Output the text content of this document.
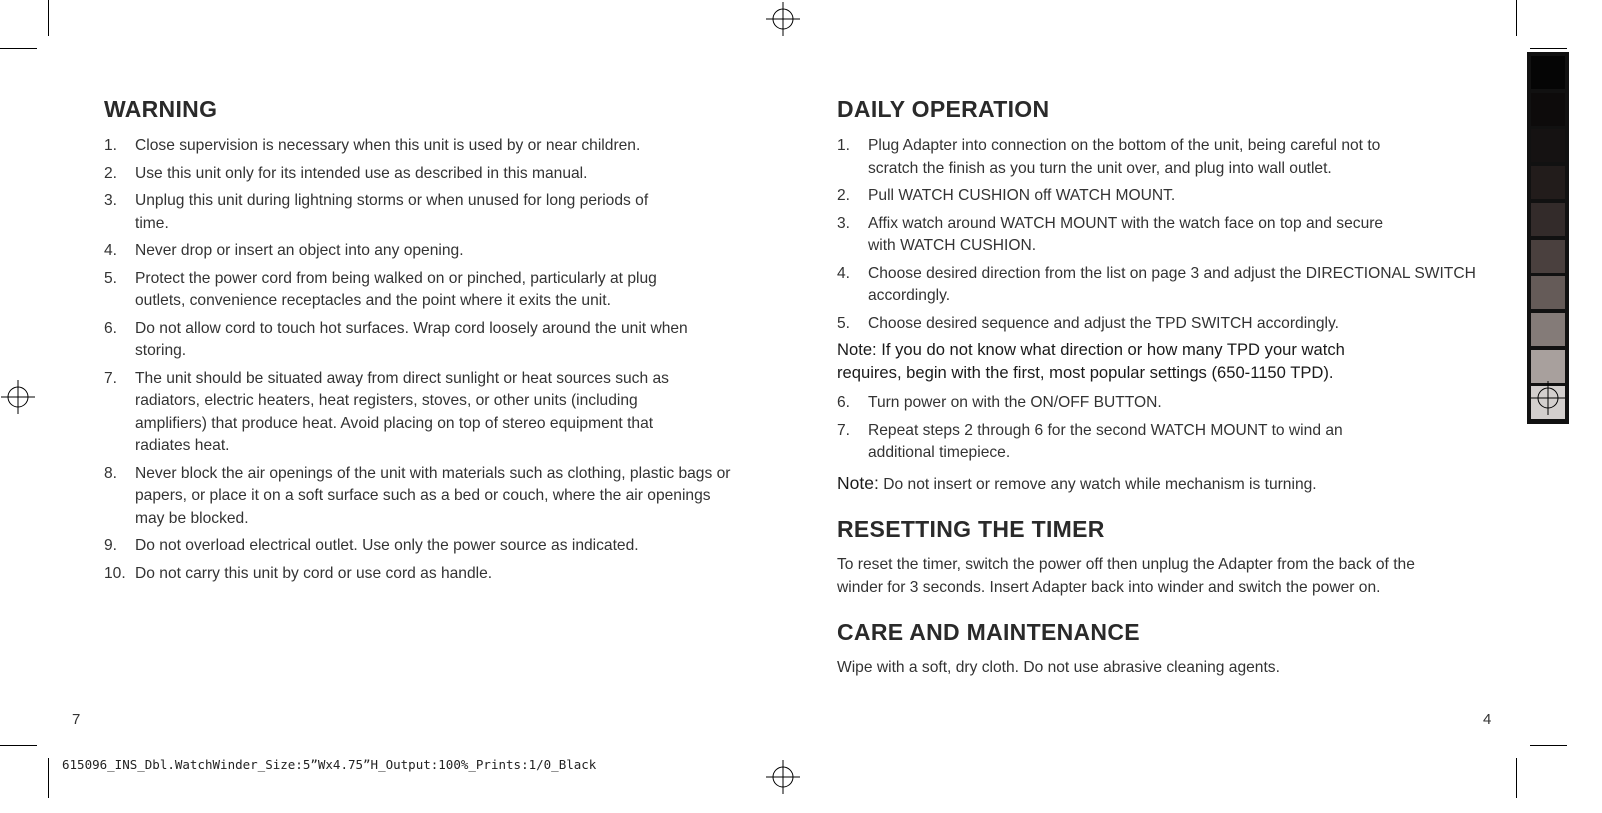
WARNING
1. Close supervision is necessary when this unit is used by or near children.
2. Use this unit only for its intended use as described in this manual.
3. Unplug this unit during lightning storms or when unused for long periods of time.
4. Never drop or insert an object into any opening.
5. Protect the power cord from being walked on or pinched, particularly at plug outlets, convenience receptacles and the point where it exits the unit.
6. Do not allow cord to touch hot surfaces. Wrap cord loosely around the unit when storing.
7. The unit should be situated away from direct sunlight or heat sources such as radiators, electric heaters, heat registers, stoves, or other units (including amplifiers) that produce heat. Avoid placing on top of stereo equipment that radiates heat.
8. Never block the air openings of the unit with materials such as clothing, plastic bags or papers, or place it on a soft surface such as a bed or couch, where the air openings may be blocked.
9. Do not overload electrical outlet. Use only the power source as indicated.
10. Do not carry this unit by cord or use cord as handle.
7
DAILY OPERATION
1. Plug Adapter into connection on the bottom of the unit, being careful not to scratch the finish as you turn the unit over, and plug into wall outlet.
2. Pull WATCH CUSHION off WATCH MOUNT.
3. Affix watch around WATCH MOUNT with the watch face on top and secure with WATCH CUSHION.
4. Choose desired direction from the list on page 3 and adjust the DIRECTIONAL SWITCH accordingly.
5. Choose desired sequence and adjust the TPD SWITCH accordingly.
Note: If you do not know what direction or how many TPD your watch requires, begin with the first, most popular settings (650-1150 TPD).
6. Turn power on with the ON/OFF BUTTON.
7. Repeat steps 2 through 6 for the second WATCH MOUNT to wind an additional timepiece.
Note: Do not insert or remove any watch while mechanism is turning.
RESETTING THE TIMER
To reset the timer, switch the power off then unplug the Adapter from the back of the winder for 3 seconds. Insert Adapter back into winder and switch the power on.
CARE AND MAINTENANCE
Wipe with a soft, dry cloth. Do not use abrasive cleaning agents.
4
615096_INS_Dbl.WatchWinder_Size:5”Wx4.75”H_Output:100%_Prints:1/0_Black
